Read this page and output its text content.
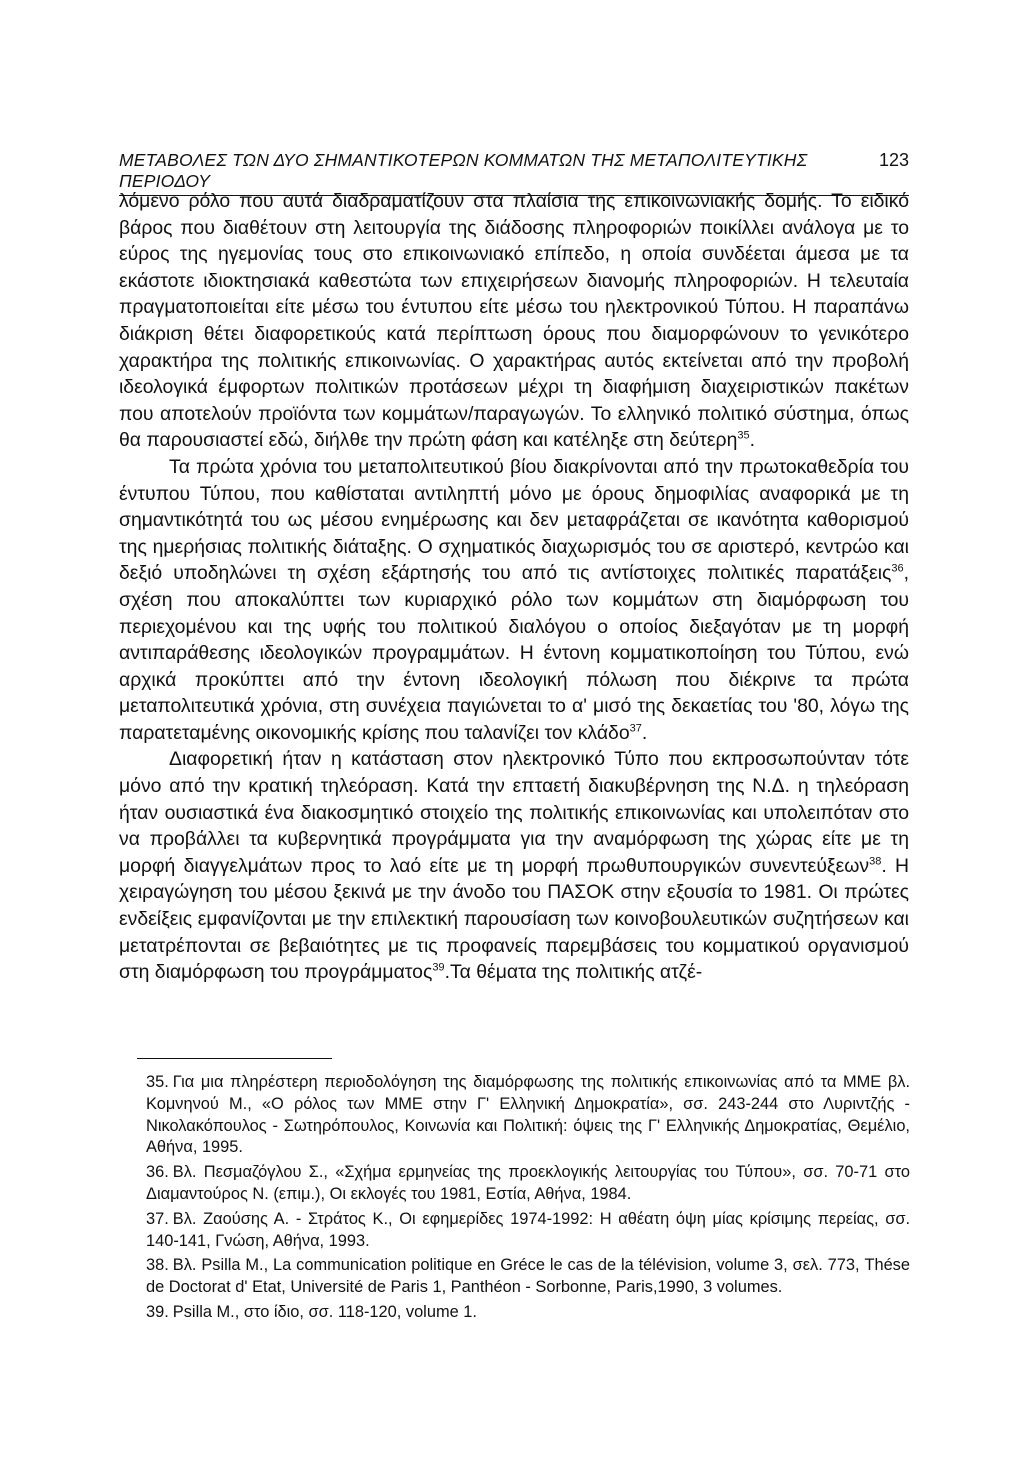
ΜΕΤΑΒΟΛΕΣ ΤΩΝ ΔΥΟ ΣΗΜΑΝΤΙΚΟΤΕΡΩΝ ΚΟΜΜΑΤΩΝ ΤΗΣ ΜΕΤΑΠΟΛΙΤΕΥΤΙΚΗΣ ΠΕΡΙΟΔΟΥ
123

λόμενο ρόλο που αυτά διαδραματίζουν στα πλαίσια της επικοινωνιακής δομής. Το ειδικό βάρος που διαθέτουν στη λειτουργία της διάδοσης πληροφοριών ποικίλλει ανάλογα με το εύρος της ηγεμονίας τους στο επικοινωνιακό επίπεδο, η οποία συνδέεται άμεσα με τα εκάστοτε ιδιοκτησιακά καθεστώτα των επιχειρήσεων διανομής πληροφοριών. Η τελευταία πραγματοποιείται είτε μέσω του έντυπου είτε μέσω του ηλεκτρονικού Τύπου. Η παραπάνω διάκριση θέτει διαφορετικούς κατά περίπτωση όρους που διαμορφώνουν το γενικότερο χαρακτήρα της πολιτικής επικοινωνίας. Ο χαρακτήρας αυτός εκτείνεται από την προβολή ιδεολογικά έμφορτων πολιτικών προτάσεων μέχρι τη διαφήμιση διαχειριστικών πακέτων που αποτελούν προϊόντα των κομμάτων/παραγωγών. Το ελληνικό πολιτικό σύστημα, όπως θα παρουσιαστεί εδώ, διήλθε την πρώτη φάση και κατέληξε στη δεύτερη$^{35}$.

Τα πρώτα χρόνια του μεταπολιτευτικού βίου διακρίνονται από την πρωτοκαθεδρία του έντυπου Τύπου, που καθίσταται αντιληπτή μόνο με όρους δημοφιλίας αναφορικά με τη σημαντικότητά του ως μέσου ενημέρωσης και δεν μεταφράζεται σε ικανότητα καθορισμού της ημερήσιας πολιτικής διάταξης. Ο σχηματικός διαχωρισμός του σε αριστερό, κεντρώο και δεξιό υποδηλώνει τη σχέση εξάρτησής του από τις αντίστοιχες πολιτικές παρατάξεις$^{36}$, σχέση που αποκαλύπτει των κυριαρχικό ρόλο των κομμάτων στη διαμόρφωση του περιεχομένου και της υφής του πολιτικού διαλόγου ο οποίος διεξαγόταν με τη μορφή αντιπαράθεσης ιδεολογικών προγραμμάτων. Η έντονη κομματικοποίηση του Τύπου, ενώ αρχικά προκύπτει από την έντονη ιδεολογική πόλωση που διέκρινε τα πρώτα μεταπολιτευτικά χρόνια, στη συνέχεια παγιώνεται το α' μισό της δεκαετίας του '80, λόγω της παρατεταμένης οικονομικής κρίσης που ταλανίζει τον κλάδο$^{37}$.

Διαφορετική ήταν η κατάσταση στον ηλεκτρονικό Τύπο που εκπροσωπούνταν τότε μόνο από την κρατική τηλεόραση. Κατά την επταετή διακυβέρνηση της Ν.Δ. η τηλεόραση ήταν ουσιαστικά ένα διακοσμητικό στοιχείο της πολιτικής επικοινωνίας και υπολειπόταν στο να προβάλλει τα κυβερνητικά προγράμματα για την αναμόρφωση της χώρας είτε με τη μορφή διαγγελμάτων προς το λαό είτε με τη μορφή πρωθυπουργικών συνεντεύξεων$^{38}$. Η χειραγώγηση του μέσου ξεκινά με την άνοδο του ΠΑΣΟΚ στην εξουσία το 1981. Οι πρώτες ενδείξεις εμφανίζονται με την επιλεκτική παρουσίαση των κοινοβουλευτικών συζητήσεων και μετατρέπονται σε βεβαιότητες με τις προφανείς παρεμβάσεις του κομματικού οργανισμού στη διαμόρφωση του προγράμματος$^{39}$.Τα θέματα της πολιτικής ατζέ-

35. Για μια πληρέστερη περιοδολόγηση της διαμόρφωσης της πολιτικής επικοινωνίας από τα ΜΜΕ βλ. Κομνηνού Μ., «Ο ρόλος των ΜΜΕ στην Γ' Ελληνική Δημοκρατία», σσ. 243-244 στο Λυριντζής - Νικολακόπουλος - Σωτηρόπουλος, Κοινωνία και Πολιτική: όψεις της Γ' Ελληνικής Δημοκρατίας, Θεμέλιο, Αθήνα, 1995.

36. Βλ. Πεσμαζόγλου Σ., «Σχήμα ερμηνείας της προεκλογικής λειτουργίας του Τύπου», σσ. 70-71 στο Διαμαντούρος Ν. (επιμ.), Οι εκλογές του 1981, Εστία, Αθήνα, 1984.

37. Βλ. Ζαούσης Α. - Στράτος Κ., Οι εφημερίδες 1974-1992: Η αθέατη όψη μίας κρίσιμης περείας, σσ. 140-141, Γνώση, Αθήνα, 1993.

38. Βλ. Psilla M., La communication politique en Gréce le cas de la télévision, volume 3, σελ. 773, Thése de Doctorat d' Etat, Université de Paris 1, Panthéon - Sorbonne, Paris,1990, 3 volumes.

39. Psilla M., στο ίδιο, σσ. 118-120, volume 1.
